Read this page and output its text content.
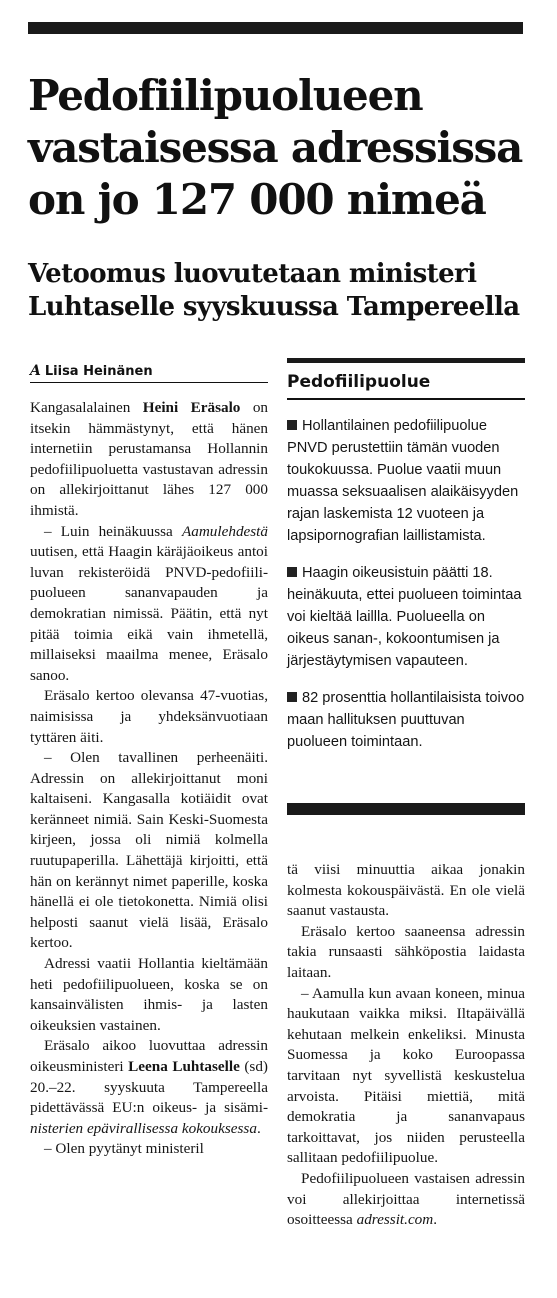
Pedofiilipuolueen vastaisessa adressissa on jo 127 000 nimeä
Vetoomus luovutetaan ministeri Luhtaselle syyskuussa Tampereella
A Liisa Heinänen

Kangasalalainen Heini Eräsalo on itsekin hämmästynyt, että hänen internetiin perustamansa Hollannin pedofiilipuoluetta vastustavan adressin on allekirjoittanut lähes 127 000 ihmistä.

– Luin heinäkuussa Aamulehdestä uutisen, että Haagin käräjäoikeus antoi luvan rekisteröidä PNVD-pedofiilipuolueen sananvapauden ja demokratian nimissä. Päätin, että nyt pitää toimia eikä vain ihmetellä, millaiseksi maailma menee, Eräsalo sanoo.

Eräsalo kertoo olevansa 47-vuotias, naimisissa ja yhdeksänvuotiaan tyttären äiti.

– Olen tavallinen perheenäiti. Adressin on allekirjoittanut moni kaltaiseni. Kangasalla kotiäidit ovat keränneet nimiä. Sain Keski-Suomesta kirjeen, jossa oli nimiä kolmella ruutupaperilla. Lähettäjä kirjoitti, että hän on kerännyt nimet paperille, koska hänellä ei ole tietokonetta. Nimiä olisi helposti saanut vielä lisää, Eräsalo kertoo.

Adressi vaatii Hollantia kieltämään heti pedofiilipuolueen, koska se on kansainvälisten ihmis- ja lasten oikeuksien vastainen.

Eräsalo aikoo luovuttaa adressin oikeusministeri Leena Luhtaselle (sd) 20.–22. syyskuuta Tampereella pidettävässä EU:n oikeus- ja sisäministerien epävirallisessa kokouksessa.

– Olen pyytänyt ministeril

Pedofiilipuolue
Hollantilainen pedofiilipuolue PNVD perustettiin tämän vuoden toukokuussa. Puolue vaatii muun muassa seksuaalisen alaikäisyyden rajan laskemista 12 vuoteen ja lapsipornografian laillistamista.
Haagin oikeusistuin päätti 18. heinäkuuta, ettei puolueen toimintaa voi kieltää laillla. Puolueella on oikeus sanan-, kokoontumisen ja järjestäytymisen vapauteen.
82 prosenttia hollantilaisista toivoo maan hallituksen puuttuvan puolueen toimintaan.

tä viisi minuuttia aikaa jonakin kolmesta kokouspäivästä. En ole vielä saanut vastausta.

Eräsalo kertoo saaneensa adressin takia runsaasti sähköpostia laidasta laitaan.

– Aamulla kun avaan koneen, minua haukutaan vaikka miksi. Iltapäivällä kehutaan melkein enkeliksi. Minusta Suomessa ja koko Euroopassa tarvitaan nyt syvellistä keskustelua arvoista. Pitäisi miettiä, mitä demokratia ja sananvapaus tarkoittavat, jos niiden perusteella sallitaan pedofiilipuolue.

Pedofiilipuolueen vastaisen adressin voi allekirjoittaa internetissä osoitteessa adressit.com.
